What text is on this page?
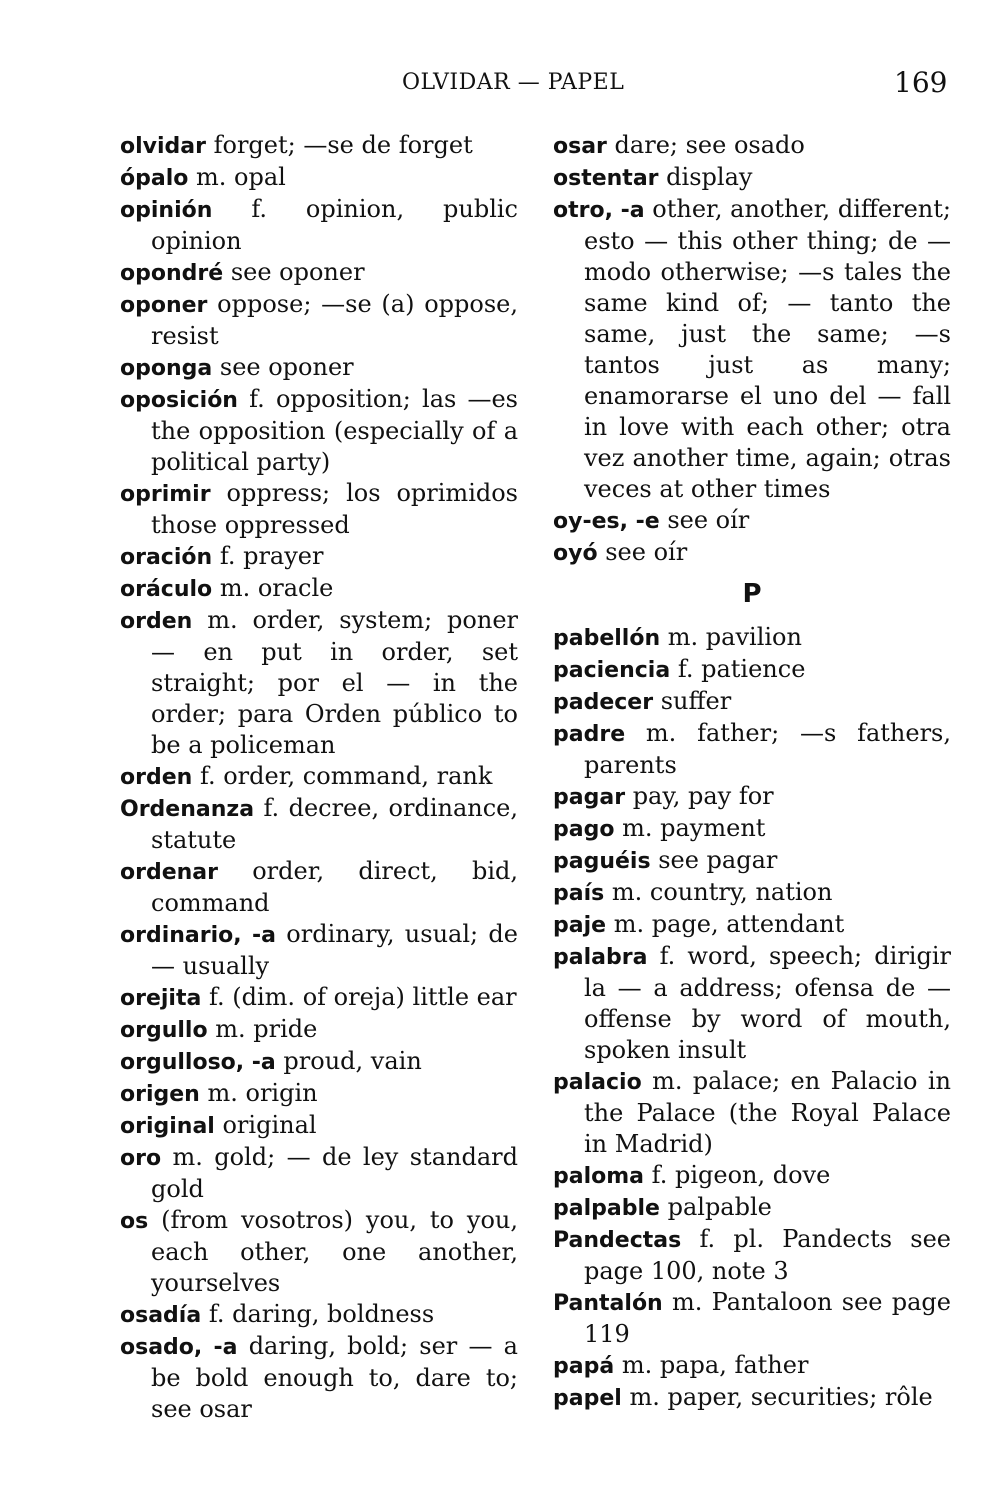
OLVIDAR — PAPEL	169
olvidar forget; —se de forget
ópalo m. opal
opinión f. opinion, public opinion
opondré see oponer
oponer oppose; —se (a) oppose, resist
oponga see oponer
oposición f. opposition; las —es the opposition (especially of a political party)
oprimir oppress; los oprimidos those oppressed
oración f. prayer
oráculo m. oracle
orden m. order, system; poner — en put in order, set straight; por el — in the order; para Orden público to be a policeman
orden f. order, command, rank
Ordenanza f. decree, ordinance, statute
ordenar order, direct, bid, command
ordinario, -a ordinary, usual; de — usually
orejita f. (dim. of oreja) little ear
orgullo m. pride
orgulloso, -a proud, vain
origen m. origin
original original
oro m. gold; — de ley standard gold
os (from vosotros) you, to you, each other, one another, yourselves
osadía f. daring, boldness
osado, -a daring, bold; ser — a be bold enough to, dare to; see osar
osar dare; see osado
ostentar display
otro, -a other, another, different; esto — this other thing; de — modo otherwise; —s tales the same kind of; — tanto the same, just the same; —s tantos just as many; enamorarse el uno del — fall in love with each other; otra vez another time, again; otras veces at other times
oy-es, -e see oír
oyó see oír
P
pabellón m. pavilion
paciencia f. patience
padecer suffer
padre m. father; —s fathers, parents
pagar pay, pay for
pago m. payment
paguéis see pagar
país m. country, nation
paje m. page, attendant
palabra f. word, speech; dirigir la — a address; ofensa de — offense by word of mouth, spoken insult
palacio m. palace; en Palacio in the Palace (the Royal Palace in Madrid)
paloma f. pigeon, dove
palpable palpable
Pandectas f. pl. Pandects see page 100, note 3
Pantalón m. Pantaloon see page 119
papá m. papa, father
papel m. paper, securities; rôle
